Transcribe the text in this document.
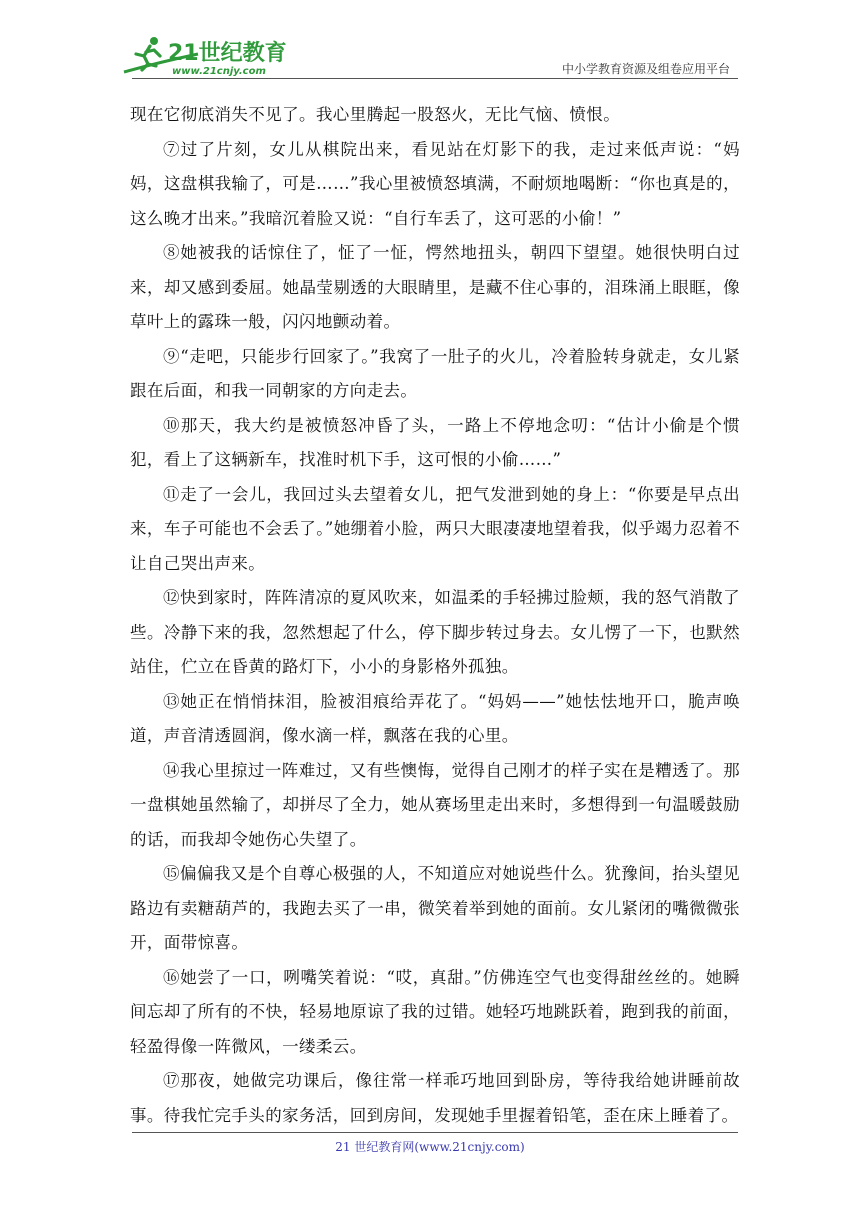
21世纪教育
www.21cnjy.com	中小学教育资源及组卷应用平台

现在它彻底消失不见了。我心里腾起一股怒火，无比气恼、愤恨。

⑦过了片刻，女儿从棋院出来，看见站在灯影下的我，走过来低声说：“妈妈，这盘棋我输了，可是……”我心里被愤怒填满，不耐烦地喝断：“你也真是的，这么晚才出来。”我暗沉着脸又说：“自行车丢了，这可恶的小偷！”

⑧她被我的话惊住了，怔了一怔，愕然地扭头，朝四下望望。她很快明白过来，却又感到委屈。她晶莹剔透的大眼睛里，是藏不住心事的，泪珠涌上眼眶，像草叶上的露珠一般，闪闪地颤动着。

⑨“走吧，只能步行回家了。”我窝了一肚子的火儿，冷着脸转身就走，女儿紧跟在后面，和我一同朝家的方向走去。

⑩那天，我大约是被愤怒冲昏了头，一路上不停地念叨：“估计小偷是个惯犯，看上了这辆新车，找准时机下手，这可恨的小偷……”

⑪走了一会儿，我回过头去望着女儿，把气发泄到她的身上：“你要是早点出来，车子可能也不会丢了。”她绷着小脸，两只大眼凄凄地望着我，似乎竭力忍着不让自己哭出声来。

⑫快到家时，阵阵清凉的夏风吹来，如温柔的手轻拂过脸颊，我的怒气消散了些。冷静下来的我，忽然想起了什么，停下脚步转过身去。女儿愣了一下，也默然站住，伫立在昏黄的路灯下，小小的身影格外孤独。

⑬她正在悄悄抹泪，脸被泪痕给弄花了。“妈妈——”她怯怯地开口，脆声唤道，声音清透圆润，像水滴一样，飘落在我的心里。

⑭我心里掠过一阵难过，又有些懊悔，觉得自己刚才的样子实在是糟透了。那一盘棋她虽然输了，却拼尽了全力，她从赛场里走出来时，多想得到一句温暖鼓励的话，而我却令她伤心失望了。

⑮偏偏我又是个自尊心极强的人，不知道应对她说些什么。犹豫间，抬头望见路边有卖糖葫芦的，我跑去买了一串，微笑着举到她的面前。女儿紧闭的嘴微微张开，面带惊喜。

⑯她尝了一口，咧嘴笑着说：“哎，真甜。”仿佛连空气也变得甜丝丝的。她瞬间忘却了所有的不快，轻易地原谅了我的过错。她轻巧地跳跃着，跑到我的前面，轻盈得像一阵微风，一缕柔云。

⑰那夜，她做完功课后，像往常一样乖巧地回到卧房，等待我给她讲睡前故事。待我忙完手头的家务活，回到房间，发现她手里握着铅笔，歪在床上睡着了。

21 世纪教育网(www.21cnjy.com)
